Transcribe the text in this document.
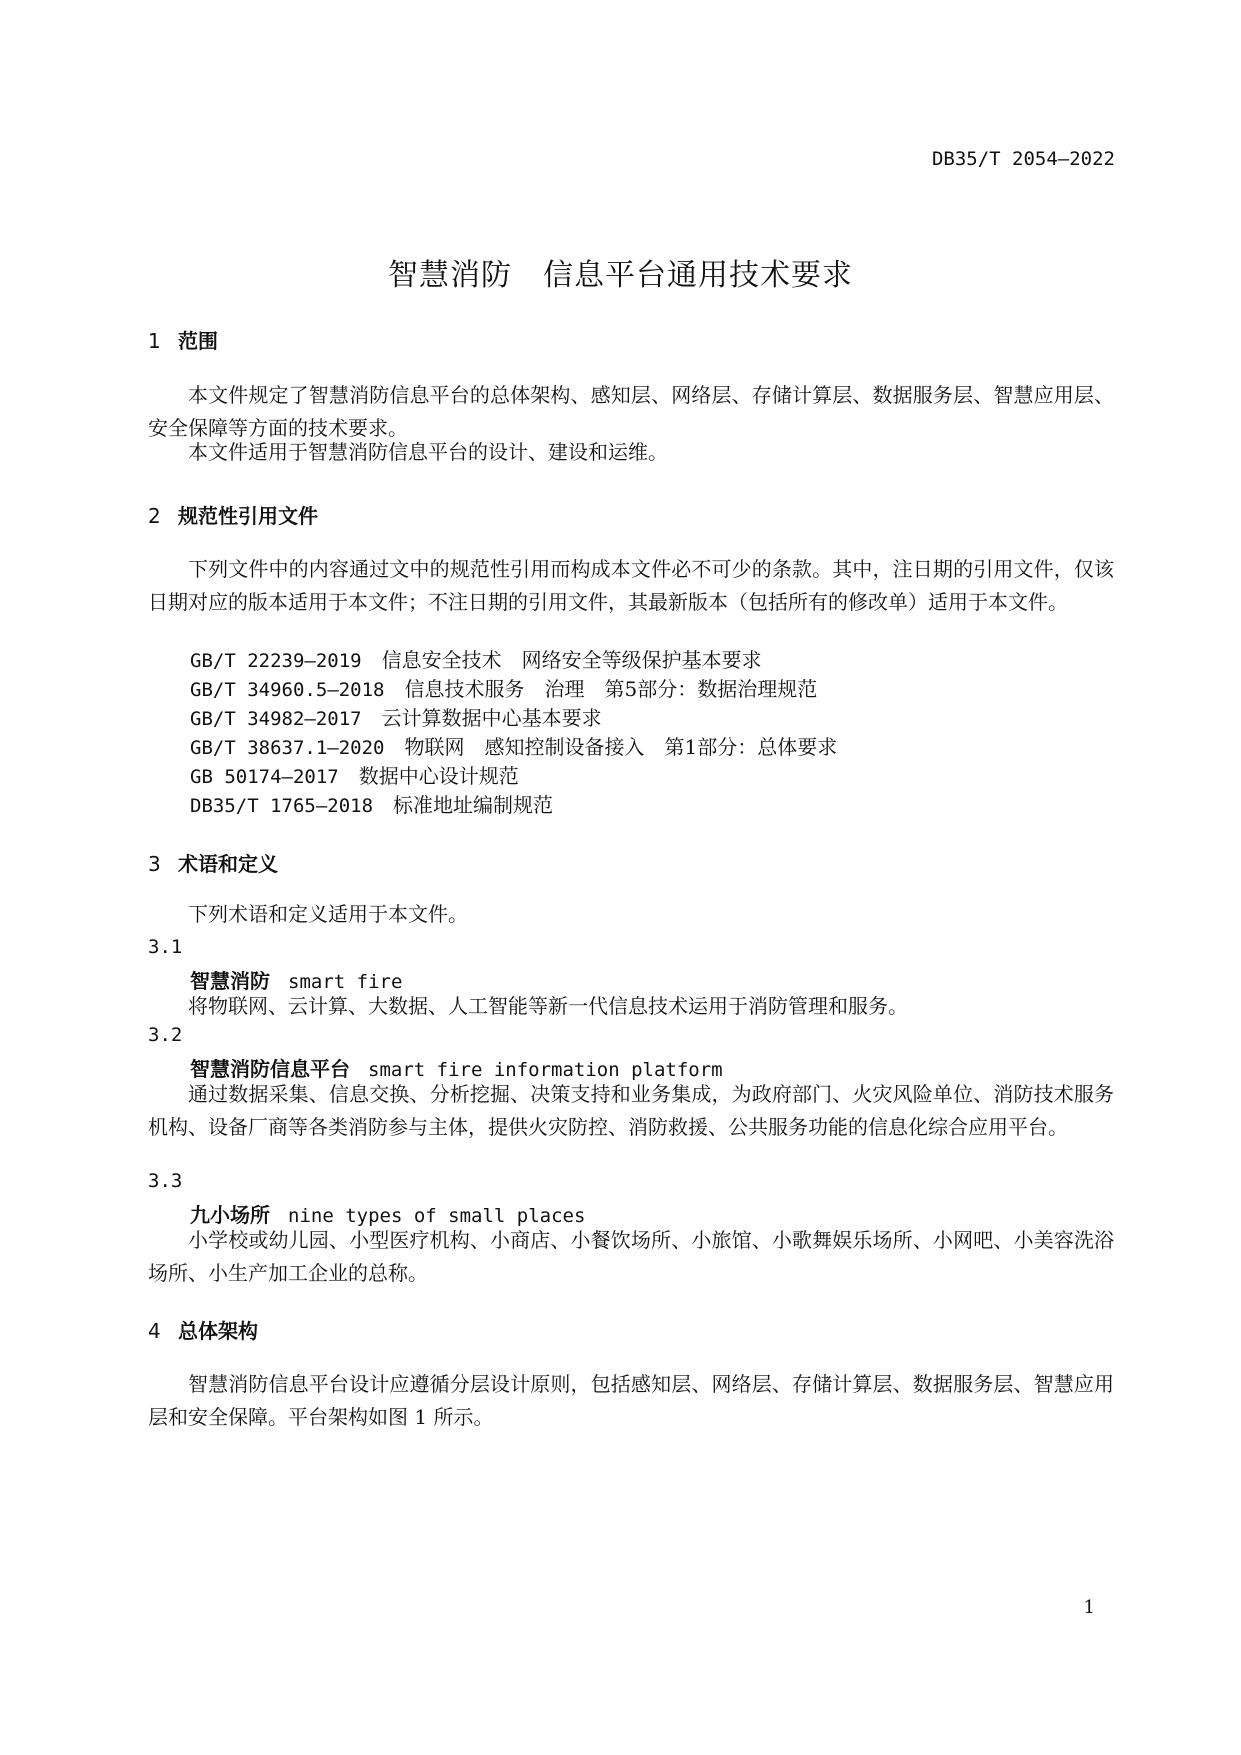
DB35/T 2054—2022
智慧消防　信息平台通用技术要求
1 范围
本文件规定了智慧消防信息平台的总体架构、感知层、网络层、存储计算层、数据服务层、智慧应用层、安全保障等方面的技术要求。
本文件适用于智慧消防信息平台的设计、建设和运维。
2 规范性引用文件
下列文件中的内容通过文中的规范性引用而构成本文件必不可少的条款。其中，注日期的引用文件，仅该日期对应的版本适用于本文件；不注日期的引用文件，其最新版本（包括所有的修改单）适用于本文件。
GB/T 22239—2019　 信息安全技术　网络安全等级保护基本要求
GB/T 34960.5—2018　 信息技术服务　治理　第5部分：数据治理规范
GB/T 34982—2017　 云计算数据中心基本要求
GB/T 38637.1—2020　 物联网　感知控制设备接入　第1部分：总体要求
GB 50174—2017　 数据中心设计规范
DB35/T 1765—2018　 标准地址编制规范
3 术语和定义
下列术语和定义适用于本文件。
3.1
智慧消防 smart fire
将物联网、云计算、大数据、人工智能等新一代信息技术运用于消防管理和服务。
3.2
智慧消防信息平台 smart fire information platform
通过数据采集、信息交换、分析挖掘、决策支持和业务集成，为政府部门、火灾风险单位、消防技术服务机构、设备厂商等各类消防参与主体，提供火灾防控、消防救援、公共服务功能的信息化综合应用平台。
3.3
九小场所 nine types of small places
小学校或幼儿园、小型医疗机构、小商店、小餐饮场所、小旅馆、小歌舞娱乐场所、小网吧、小美容洗浴场所、小生产加工企业的总称。
4 总体架构
智慧消防信息平台设计应遵循分层设计原则，包括感知层、网络层、存储计算层、数据服务层、智慧应用层和安全保障。平台架构如图 1 所示。
1
